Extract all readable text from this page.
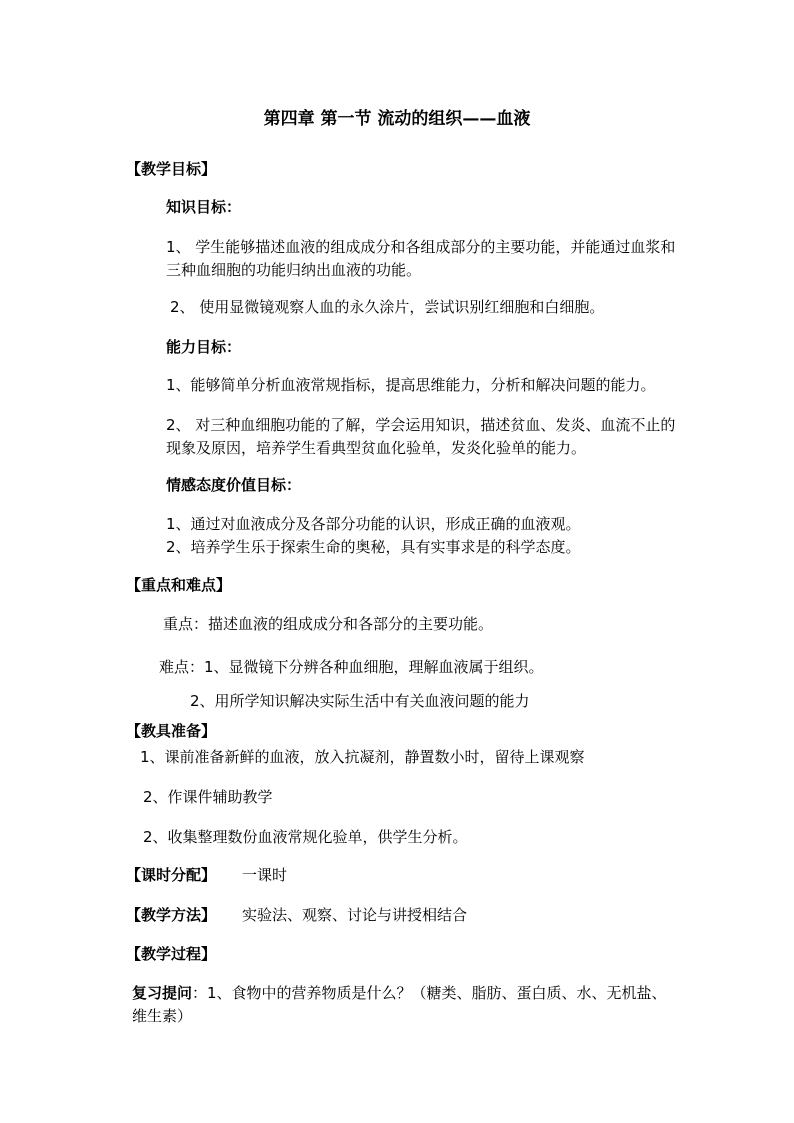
第四章 第一节 流动的组织——血液
【教学目标】
知识目标：
1、 学生能够描述血液的组成成分和各组成部分的主要功能，并能通过血浆和三种血细胞的功能归纳出血液的功能。
2、 使用显微镜观察人血的永久涂片，尝试识别红细胞和白细胞。
能力目标：
1、能够简单分析血液常规指标，提高思维能力，分析和解决问题的能力。
2、 对三种血细胞功能的了解，学会运用知识，描述贫血、发炎、血流不止的现象及原因，培养学生看典型贫血化验单，发炎化验单的能力。
情感态度价值目标：
1、通过对血液成分及各部分功能的认识，形成正确的血液观。
2、培养学生乐于探索生命的奥秘，具有实事求是的科学态度。
【重点和难点】
重点：描述血液的组成成分和各部分的主要功能。
难点：1、显微镜下分辨各种血细胞，理解血液属于组织。
2、用所学知识解决实际生活中有关血液问题的能力
【教具准备】
1、课前准备新鲜的血液，放入抗凝剂，静置数小时，留待上课观察
2、作课件辅助教学
2、收集整理数份血液常规化验单，供学生分析。
【课时分配】 一课时
【教学方法】 实验法、观察、讨论与讲授相结合
【教学过程】
复习提问：1、食物中的营养物质是什么？（糖类、脂肪、蛋白质、水、无机盐、维生素）
